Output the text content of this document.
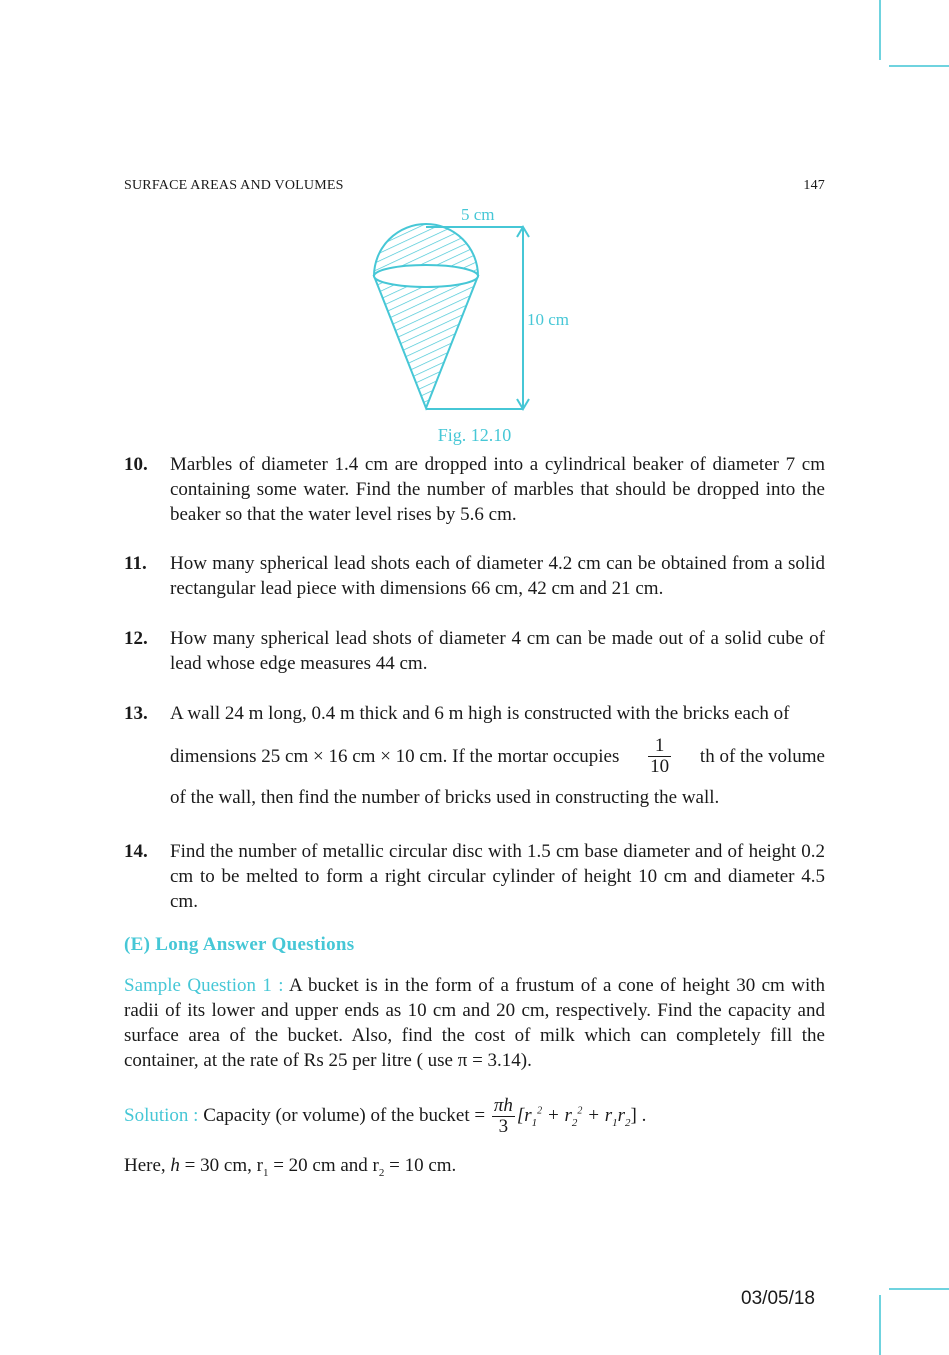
SURFACE AREAS AND VOLUMES	147
5 cm
10 cm
Fig. 12.10
10. Marbles of diameter 1.4 cm are dropped into a cylindrical beaker of diameter 7 cm containing some water. Find the number of marbles that should be dropped into the beaker so that the water level rises by 5.6 cm.
11. How many spherical lead shots each of diameter 4.2 cm can be obtained from a solid rectangular lead piece with dimensions 66 cm, 42 cm and 21 cm.
12. How many spherical lead shots of diameter 4 cm can be made out of a solid cube of lead whose edge measures 44 cm.
13. A wall 24 m long, 0.4 m thick and 6 m high is constructed with the bricks each of
dimensions 25 cm × 16 cm × 10 cm. If the mortar occupies $\frac{1}{10}$ th of the volume
of the wall, then find the number of bricks used in constructing the wall.
14. Find the number of metallic circular disc with 1.5 cm base diameter and of height 0.2 cm to be melted to form a right circular cylinder of height 10 cm and diameter 4.5 cm.
(E) Long Answer Questions
Sample Question 1 : A bucket is in the form of a frustum of a cone of height 30 cm with radii of its lower and upper ends as 10 cm and 20 cm, respectively. Find the capacity and surface area of the bucket. Also, find the cost of milk which can completely fill the container, at the rate of Rs 25 per litre ( use π = 3.14).
Solution : Capacity (or volume) of the bucket = $\frac{\pi h}{3} [r_1^2 + r_2^2 + r_1r_2]$ .
Here, h = 30 cm, $r_1 = 20$ cm and $r_2 = 10$ cm.
03/05/18
